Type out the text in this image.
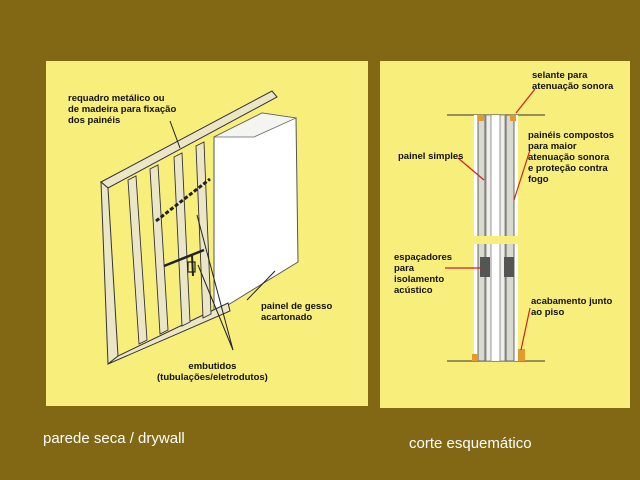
requadro metálico ou
de madeira para fixação
dos painéis
painel de gesso
acartonado
embutidos
(tubulações/eletrodutos)
selante para
atenuação sonora
painéis compostos
para maior
atenuação sonora
e proteção contra
fogo
painel simples
espaçadores
para
isolamento
acústico
acabamento junto
ao piso
parede seca / drywall	corte esquemático
